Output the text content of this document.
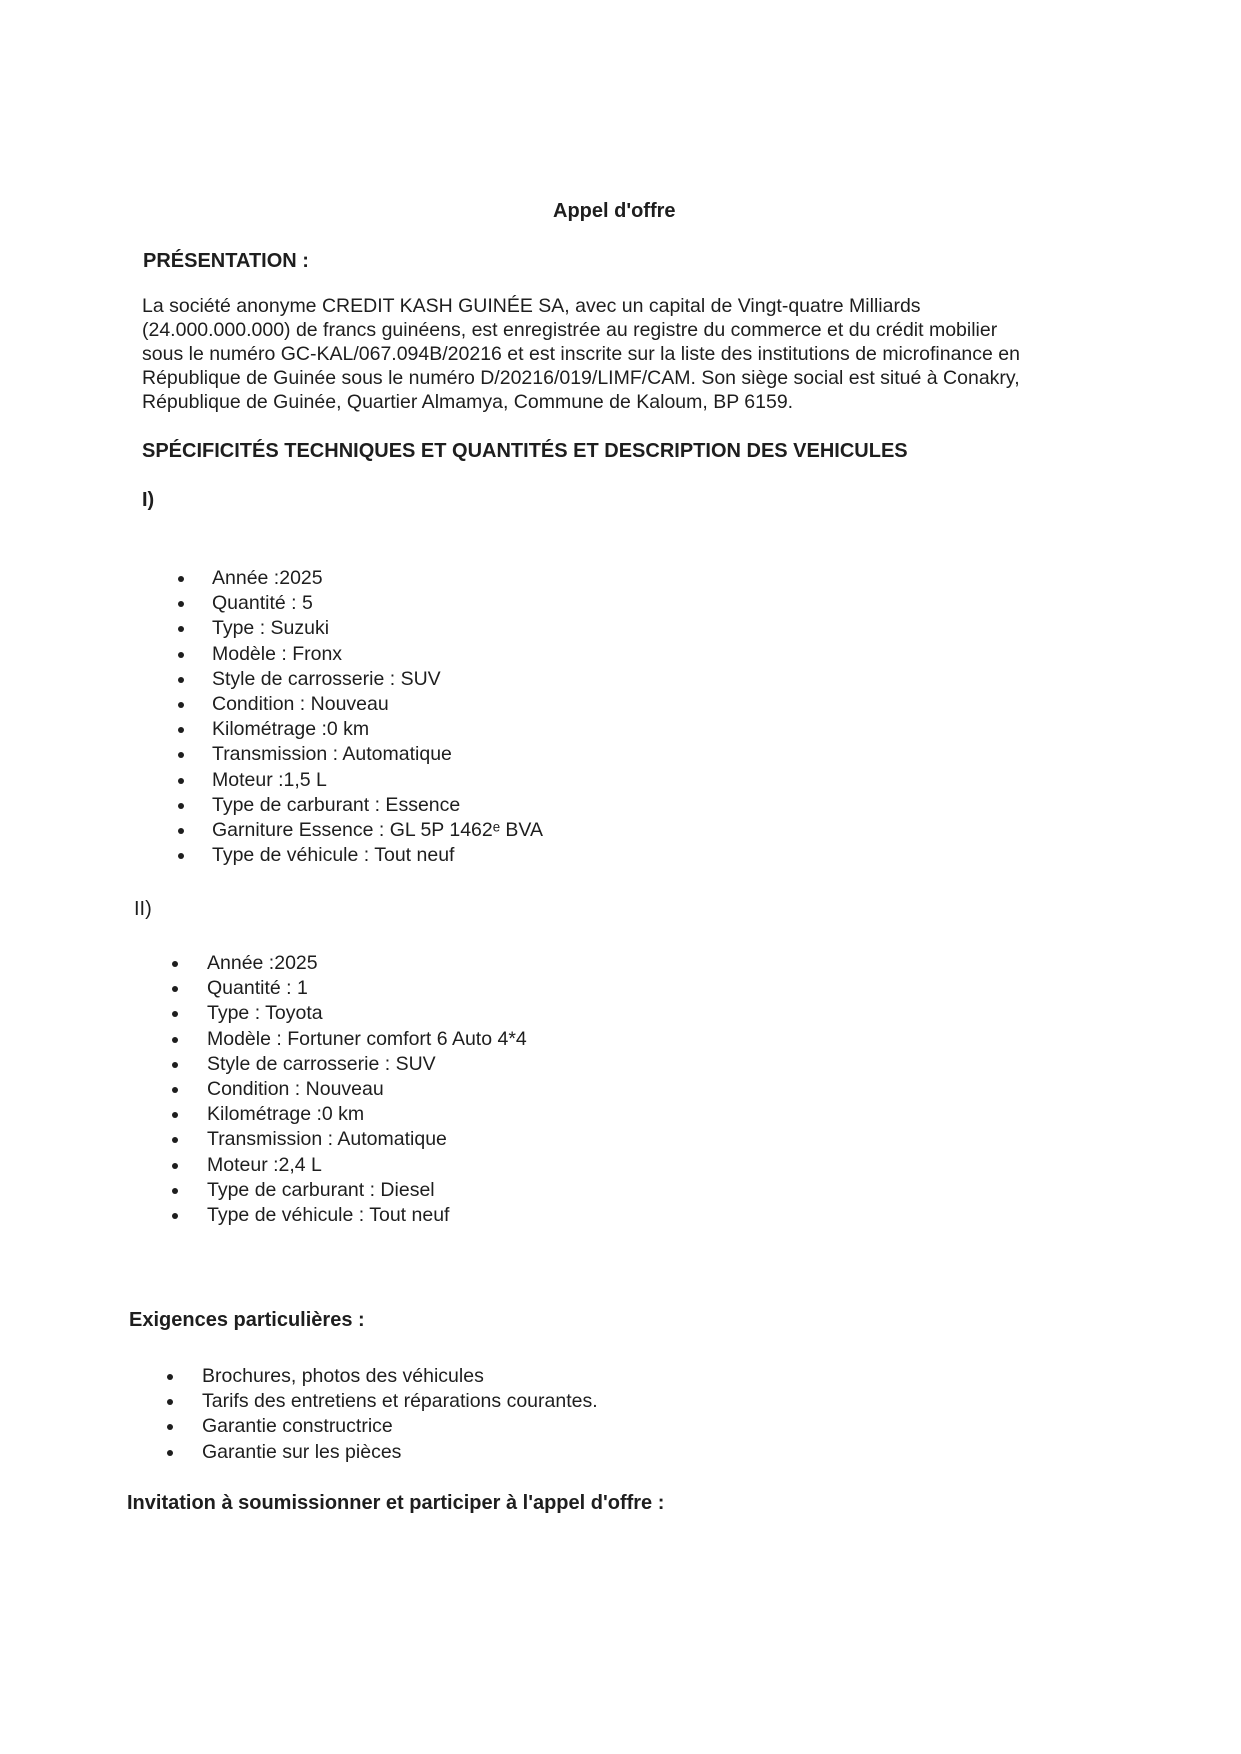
Appel d'offre
PRÉSENTATION :
La société anonyme CREDIT KASH GUINÉE SA, avec un capital de Vingt-quatre Milliards
(24.000.000.000) de francs guinéens, est enregistrée au registre du commerce et du crédit mobilier
sous le numéro GC-KAL/067.094B/20216 et est inscrite sur la liste des institutions de microfinance en
République de Guinée sous le numéro D/20216/019/LIMF/CAM. Son siège social est situé à Conakry,
République de Guinée, Quartier Almamya, Commune de Kaloum, BP 6159.
SPÉCIFICITÉS TECHNIQUES ET QUANTITÉS ET DESCRIPTION DES VEHICULES
I)
Année :2025
Quantité : 5
Type : Suzuki
Modèle : Fronx
Style de carrosserie : SUV
Condition : Nouveau
Kilométrage :0 km
Transmission : Automatique
Moteur :1,5 L
Type de carburant : Essence
Garniture Essence : GL 5P 1462ᵉ BVA
Type de véhicule : Tout neuf
II)
Année :2025
Quantité : 1
Type : Toyota
Modèle : Fortuner comfort 6 Auto 4*4
Style de carrosserie : SUV
Condition : Nouveau
Kilométrage :0 km
Transmission : Automatique
Moteur :2,4 L
Type de carburant : Diesel
Type de véhicule : Tout neuf
Exigences particulières :
Brochures, photos des véhicules
Tarifs des entretiens et réparations courantes.
Garantie constructrice
Garantie sur les pièces
Invitation à soumissionner et participer à l'appel d'offre :
